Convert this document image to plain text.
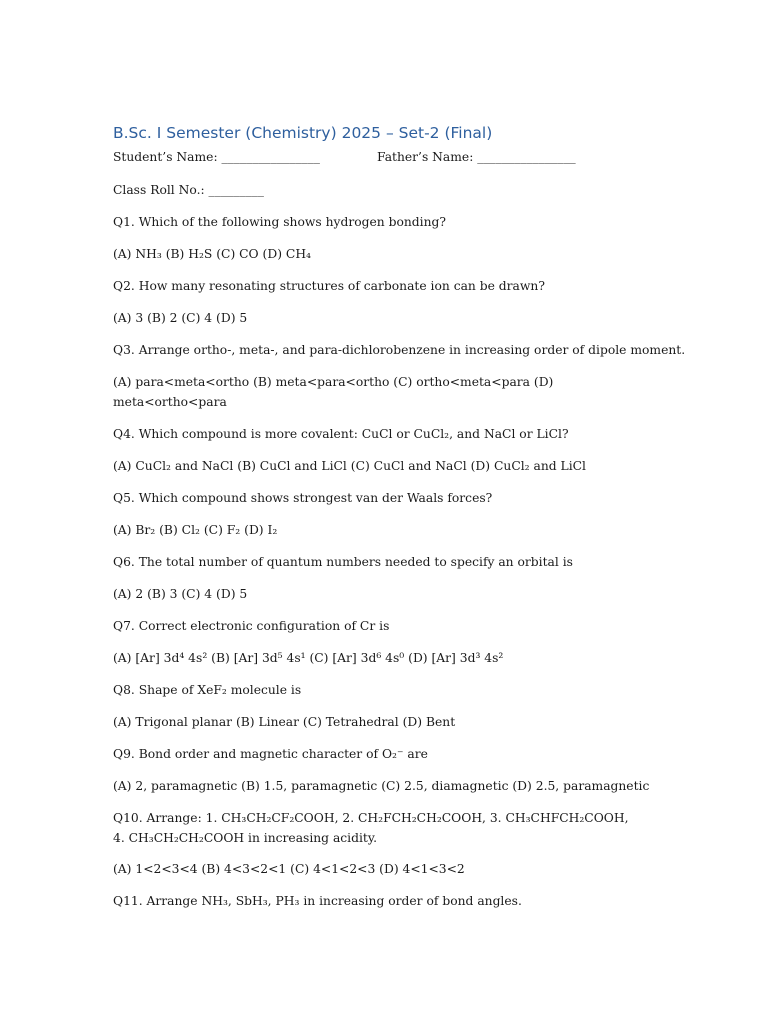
B.Sc. I Semester (Chemistry) 2025 – Set-2 (Final)
Student’s Name: ________________	Father’s Name: ________________

Class Roll No.: _________

Q1. Which of the following shows hydrogen bonding?

(A) NH₃ (B) H₂S (C) CO (D) CH₄

Q2. How many resonating structures of carbonate ion can be drawn?

(A) 3 (B) 2 (C) 4 (D) 5

Q3. Arrange ortho-, meta-, and para-dichlorobenzene in increasing order of dipole moment.

(A) para<meta<ortho (B) meta<para<ortho (C) ortho<meta<para (D) meta<ortho<para

Q4. Which compound is more covalent: CuCl or CuCl₂, and NaCl or LiCl?

(A) CuCl₂ and NaCl (B) CuCl and LiCl (C) CuCl and NaCl (D) CuCl₂ and LiCl

Q5. Which compound shows strongest van der Waals forces?

(A) Br₂ (B) Cl₂ (C) F₂ (D) I₂

Q6. The total number of quantum numbers needed to specify an orbital is

(A) 2 (B) 3 (C) 4 (D) 5

Q7. Correct electronic configuration of Cr is

(A) [Ar] 3d⁴ 4s² (B) [Ar] 3d⁵ 4s¹ (C) [Ar] 3d⁶ 4s⁰ (D) [Ar] 3d³ 4s²

Q8. Shape of XeF₂ molecule is

(A) Trigonal planar (B) Linear (C) Tetrahedral (D) Bent

Q9. Bond order and magnetic character of O₂⁻ are

(A) 2, paramagnetic (B) 1.5, paramagnetic (C) 2.5, diamagnetic (D) 2.5, paramagnetic

Q10. Arrange: 1. CH₃CH₂CF₂COOH, 2. CH₂FCH₂CH₂COOH, 3. CH₃CHFCH₂COOH, 4. CH₃CH₂CH₂COOH in increasing acidity.

(A) 1<2<3<4 (B) 4<3<2<1 (C) 4<1<2<3 (D) 4<1<3<2

Q11. Arrange NH₃, SbH₃, PH₃ in increasing order of bond angles.
